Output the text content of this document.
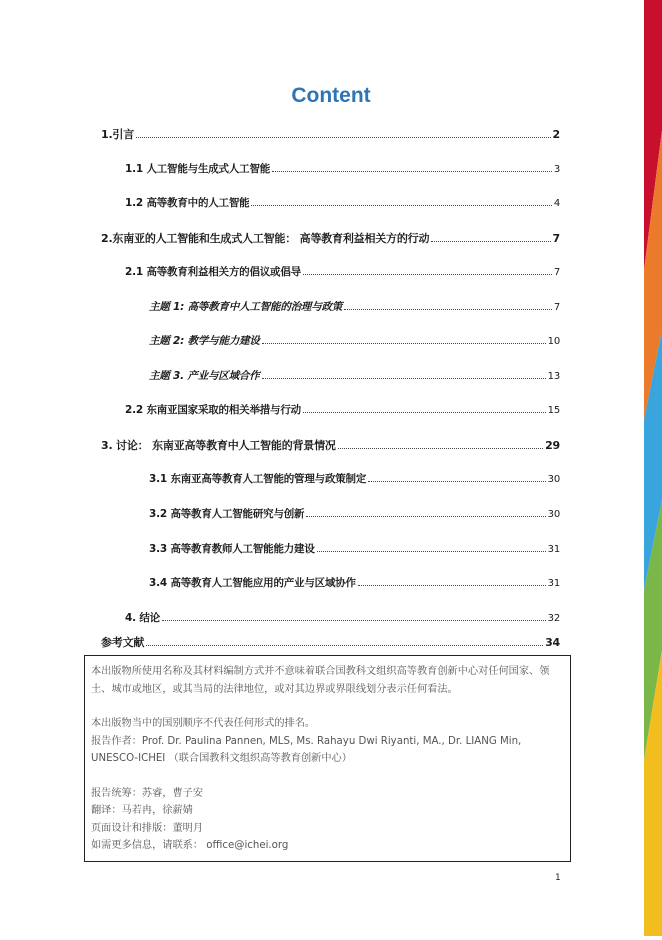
Content
1.引言	2
1.1 人工智能与生成式人工智能	3
1.2 高等教育中的人工智能	4
2.东南亚的人工智能和生成式人工智能： 高等教育利益相关方的行动	7
2.1 高等教育利益相关方的倡议或倡导	7
主题 1: 高等教育中人工智能的治理与政策	7
主题 2: 教学与能力建设	10
主题 3. 产业与区域合作	13
2.2 东南亚国家采取的相关举措与行动	15
3. 讨论： 东南亚高等教育中人工智能的背景情况	29
3.1 东南亚高等教育人工智能的管理与政策制定	30
3.2 高等教育人工智能研究与创新	30
3.3 高等教育教师人工智能能力建设	31
3.4 高等教育人工智能应用的产业与区域协作	31
4. 结论	32
参考文献	34

本出版物所使用名称及其材料编制方式并不意味着联合国教科文组织高等教育创新中心对任何国家、领土、城市或地区，或其当局的法律地位，或对其边界或界限线划分表示任何看法。

本出版物当中的国别顺序不代表任何形式的排名。

报告作者：Prof. Dr. Paulina Pannen, MLS, Ms. Rahayu Dwi Riyanti, MA., Dr. LIANG Min, UNESCO-ICHEI （联合国教科文组织高等教育创新中心）

报告统筹：苏睿，曹子安

翻译：马若冉，徐薪婧

页面设计和排版：董明月

如需更多信息，请联系： office@ichei.org

1
